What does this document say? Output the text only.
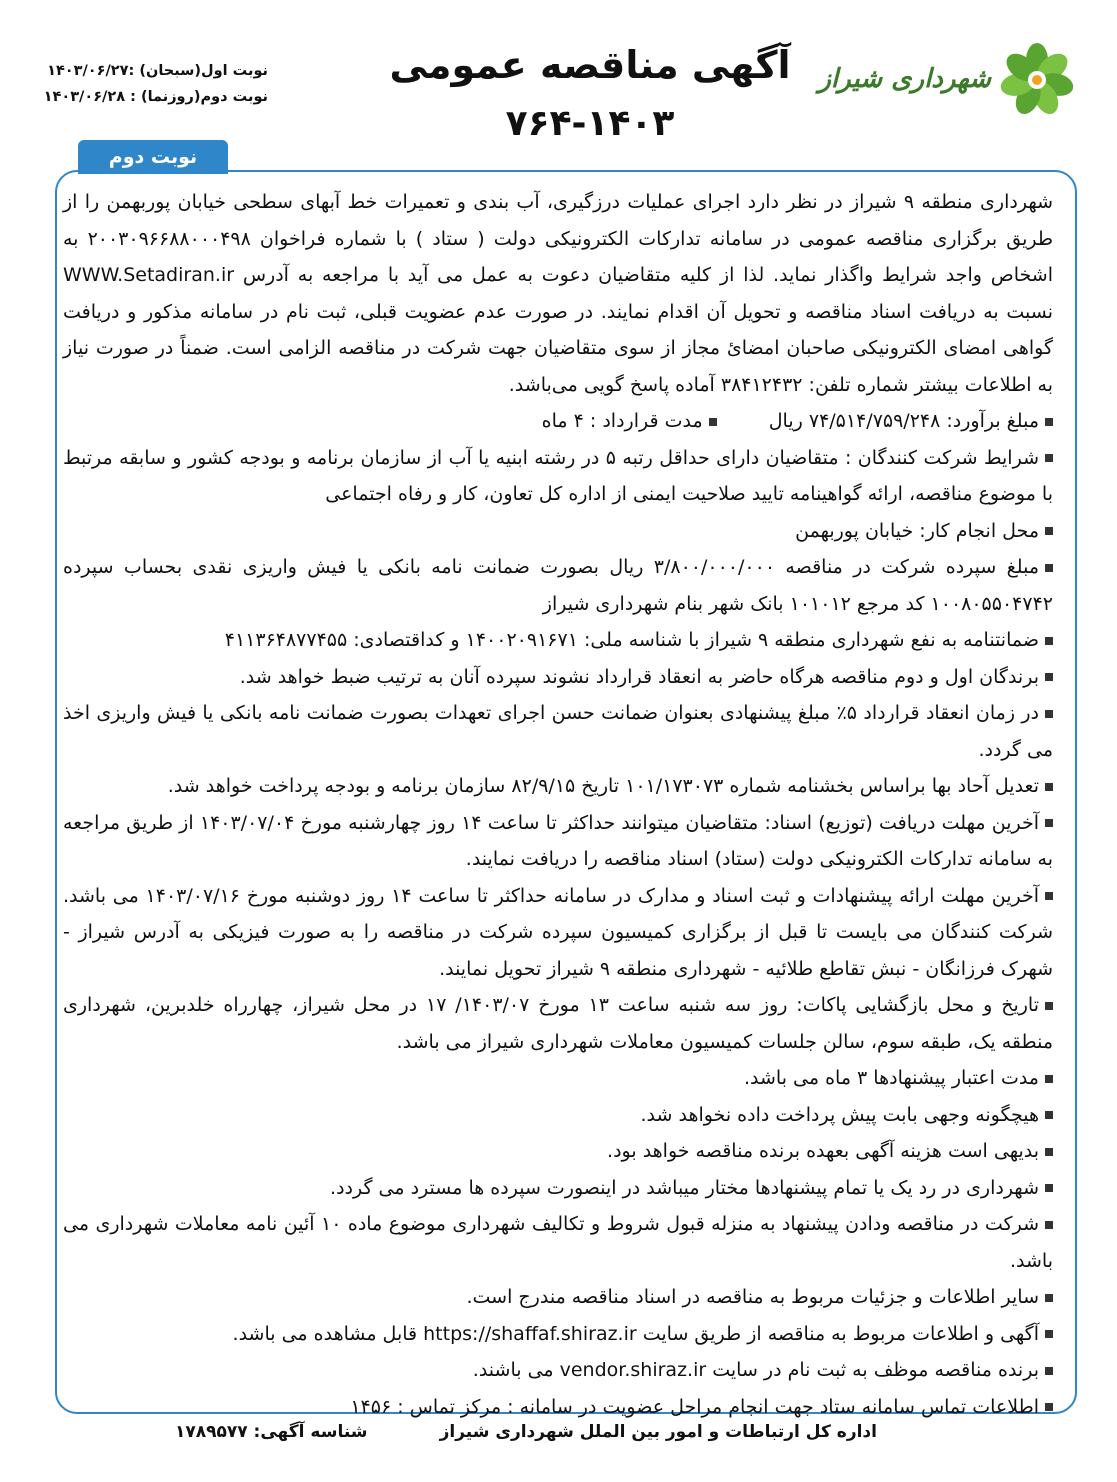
شهرداری شیراز
آگهی مناقصه عمومی
۷۶۴-۱۴۰۳
نوبت اول(سبحان) :۱۴۰۳/۰۶/۲۷
نوبت دوم(روزنما) : ۱۴۰۳/۰۶/۲۸
نوبت دوم

شهرداری منطقه ۹ شیراز در نظر دارد اجرای عملیات درزگیری، آب بندی و تعمیرات خط آبهای سطحی خیابان پوربهمن را از طریق برگزاری مناقصه عمومی در سامانه تدارکات الکترونیکی دولت ( ستاد ) با شماره فراخوان ۲۰۰۳۰۹۶۶۸۸۰۰۰۴۹۸ به اشخاص واجد شرایط واگذار نماید. لذا از کلیه متقاضیان دعوت به عمل می آید با مراجعه به آدرس WWW.Setadiran.ir نسبت به دریافت اسناد مناقصه و تحویل آن اقدام نمایند. در صورت عدم عضویت قبلی، ثبت نام در سامانه مذکور و دریافت گواهی امضای الکترونیکی صاحبان امضائ مجاز از سوی متقاضیان جهت شرکت در مناقصه الزامی است. ضمناً در صورت نیاز به اطلاعات بیشتر شماره تلفن: ۳۸۴۱۲۴۳۲ آماده پاسخ گویی می‌باشد.

مبلغ برآورد: ۷۴/۵۱۴/۷۵۹/۲۴۸ ریال  مدت قرارداد : ۴ ماه

شرایط شرکت کنندگان : متقاضیان دارای حداقل رتبه ۵ در رشته ابنیه یا آب از سازمان برنامه و بودجه کشور و سابقه مرتبط با موضوع مناقصه، ارائه گواهینامه تایید صلاحیت ایمنی از اداره کل تعاون، کار و رفاه اجتماعی

محل انجام کار: خیابان پوربهمن

مبلغ سپرده شرکت در مناقصه ۳/۸۰۰/۰۰۰/۰۰۰ ریال بصورت ضمانت نامه بانکی یا فیش واریزی نقدی بحساب سپرده ۱۰۰۸۰۵۵۰۴۷۴۲ کد مرجع ۱۰۱۰۱۲ بانک شهر بنام شهرداری شیراز

ضمانتنامه به نفع شهرداری منطقه ۹ شیراز با شناسه ملی: ۱۴۰۰۲۰۹۱۶۷۱ و کداقتصادی: ۴۱۱۳۶۴۸۷۷۴۵۵

برندگان اول و دوم مناقصه هرگاه حاضر به انعقاد قرارداد نشوند سپرده آنان به ترتیب ضبط خواهد شد.

در زمان انعقاد قرارداد ۵٪ مبلغ پیشنهادی بعنوان ضمانت حسن اجرای تعهدات بصورت ضمانت نامه بانکی یا فیش واریزی اخذ می گردد.

تعدیل آحاد بها براساس بخشنامه شماره ۱۰۱/۱۷۳۰۷۳ تاریخ ۸۲/۹/۱۵ سازمان برنامه و بودجه پرداخت خواهد شد.

آخرین مهلت دریافت (توزیع) اسناد: متقاضیان میتوانند حداکثر تا ساعت ۱۴ روز چهارشنبه مورخ ۱۴۰۳/۰۷/۰۴ از طریق مراجعه به سامانه تدارکات الکترونیکی دولت (ستاد) اسناد مناقصه را دریافت نمایند.

آخرین مهلت ارائه پیشنهادات و ثبت اسناد و مدارک در سامانه حداکثر تا ساعت ۱۴ روز دوشنبه مورخ ۱۴۰۳/۰۷/۱۶ می باشد. شرکت کنندگان می بایست تا قبل از برگزاری کمیسیون سپرده شرکت در مناقصه را به صورت فیزیکی به آدرس شیراز - شهرک فرزانگان - نبش تقاطع طلائیه - شهرداری منطقه ۹ شیراز تحویل نمایند.

تاریخ و محل بازگشایی پاکات: روز سه شنبه ساعت ۱۳ مورخ ۱۴۰۳/۰۷/ ۱۷ در محل شیراز، چهارراه خلدبرین، شهرداری منطقه یک، طبقه سوم، سالن جلسات کمیسیون معاملات شهرداری شیراز می باشد.

مدت اعتبار پیشنهادها ۳ ماه می باشد.

هیچگونه وجهی بابت پیش پرداخت داده نخواهد شد.

بدیهی است هزینه آگهی بعهده برنده مناقصه خواهد بود.

شهرداری در رد یک یا تمام پیشنهادها مختار میباشد در اینصورت سپرده ها مسترد می گردد.

شرکت در مناقصه ودادن پیشنهاد به منزله قبول شروط و تکالیف شهرداری موضوع ماده ۱۰ آئین نامه معاملات شهرداری می باشد.

سایر اطلاعات و جزئیات مربوط به مناقصه در اسناد مناقصه مندرج است.

آگهی و اطلاعات مربوط به مناقصه از طریق سایت https://shaffaf.shiraz.ir قابل مشاهده می باشد.

برنده مناقصه موظف به ثبت نام در سایت vendor.shiraz.ir می باشند.

اطلاعات تماس سامانه ستاد جهت انجام مراحل عضویت در سامانه : مرکز تماس : ۱۴۵۶

اداره کل ارتباطات و امور بین الملل شهرداری شیراز
شناسه آگهی: ۱۷۸۹۵۷۷
